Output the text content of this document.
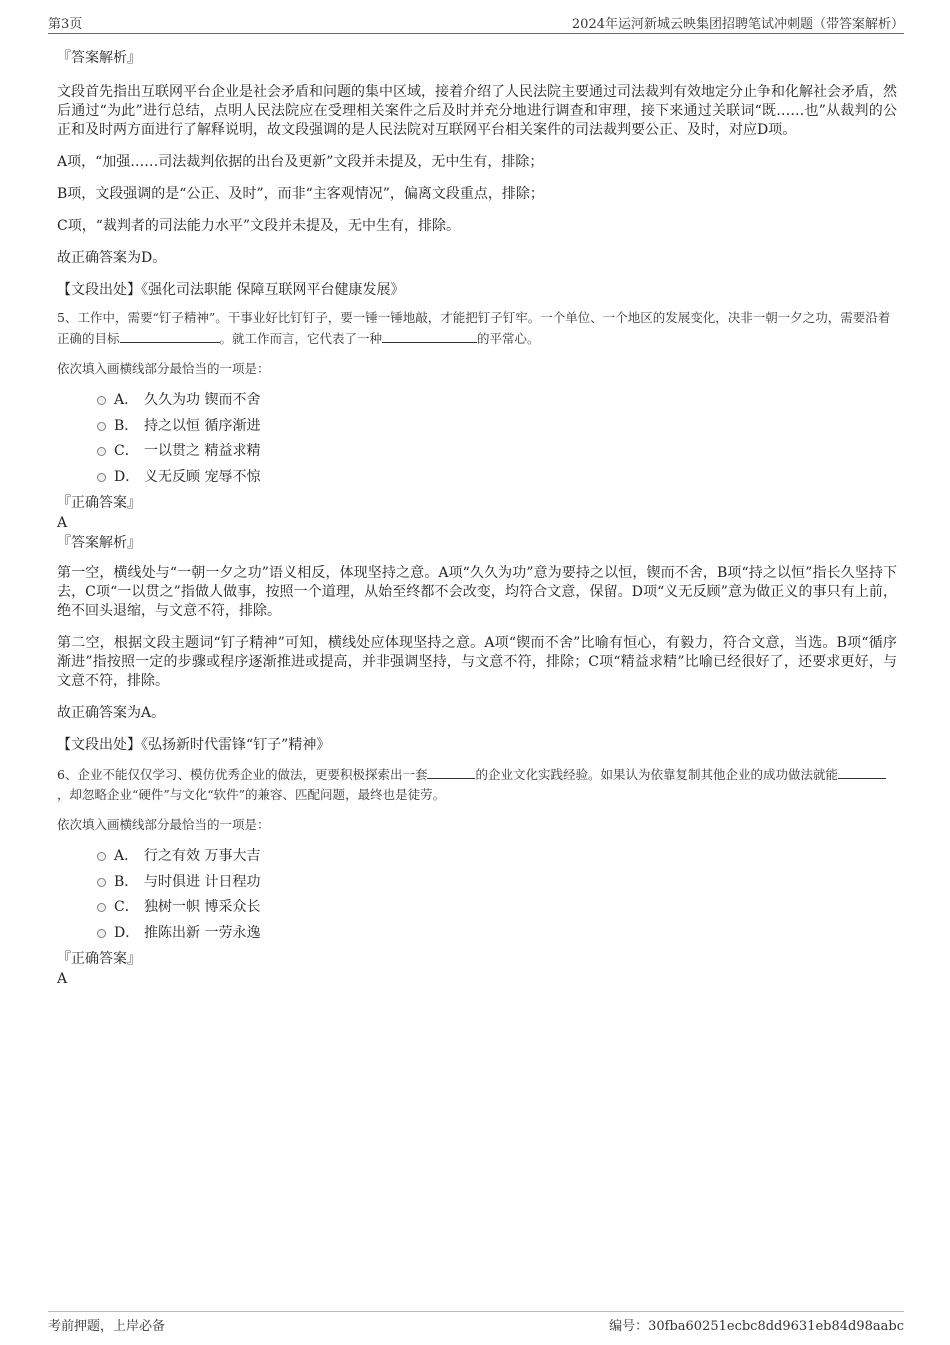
第3页	2024年运河新城云映集团招聘笔试冲刺题（带答案解析）

『答案解析』

文段首先指出互联网平台企业是社会矛盾和问题的集中区域，接着介绍了人民法院主要通过司法裁判有效地定分止争和化解社会矛盾，然后通过“为此”进行总结，点明人民法院应在受理相关案件之后及时并充分地进行调查和审理，接下来通过关联词“既……也”从裁判的公正和及时两方面进行了解释说明，故文段强调的是人民法院对互联网平台相关案件的司法裁判要公正、及时，对应D项。

A项，“加强……司法裁判依据的出台及更新”文段并未提及，无中生有，排除；

B项，文段强调的是“公正、及时”，而非“主客观情况”，偏离文段重点，排除；

C项，“裁判者的司法能力水平”文段并未提及，无中生有，排除。

故正确答案为D。

【文段出处】《强化司法职能 保障互联网平台健康发展》

5、工作中，需要“钉子精神”。干事业好比钉钉子，要一锤一锤地敲，才能把钉子钉牢。一个单位、一个地区的发展变化，决非一朝一夕之功，需要沿着正确的目标	。就工作而言，它代表了一种	的平常心。

依次填入画横线部分最恰当的一项是：

A． 久久为功 锲而不舍
B． 持之以恒 循序渐进
C． 一以贯之 精益求精
D． 义无反顾 宠辱不惊

『正确答案』

A

『答案解析』

第一空，横线处与“一朝一夕之功”语义相反，体现坚持之意。A项“久久为功”意为要持之以恒，锲而不舍，B项“持之以恒”指长久坚持下去，C项“一以贯之”指做人做事，按照一个道理，从始至终都不会改变，均符合文意，保留。D项“义无反顾”意为做正义的事只有上前，绝不回头退缩，与文意不符，排除。

第二空，根据文段主题词“钉子精神”可知，横线处应体现坚持之意。A项“锲而不舍”比喻有恒心，有毅力，符合文意，当选。B项“循序渐进”指按照一定的步骤或程序逐渐推进或提高，并非强调坚持，与文意不符，排除；C项“精益求精”比喻已经很好了，还要求更好，与文意不符，排除。

故正确答案为A。

【文段出处】《弘扬新时代雷锋“钉子”精神》

6、企业不能仅仅学习、模仿优秀企业的做法，更要积极探索出一套	的企业文化实践经验。如果认为依靠复制其他企业的成功做法就能，却忽略企业“硬件”与文化“软件”的兼容、匹配问题，最终也是徒劳。

依次填入画横线部分最恰当的一项是：

A． 行之有效 万事大吉
B． 与时俱进 计日程功
C． 独树一帜 博采众长
D． 推陈出新 一劳永逸

『正确答案』

A

考前押题，上岸必备	编号：30fba60251ecbc8dd9631eb84d98aabc
